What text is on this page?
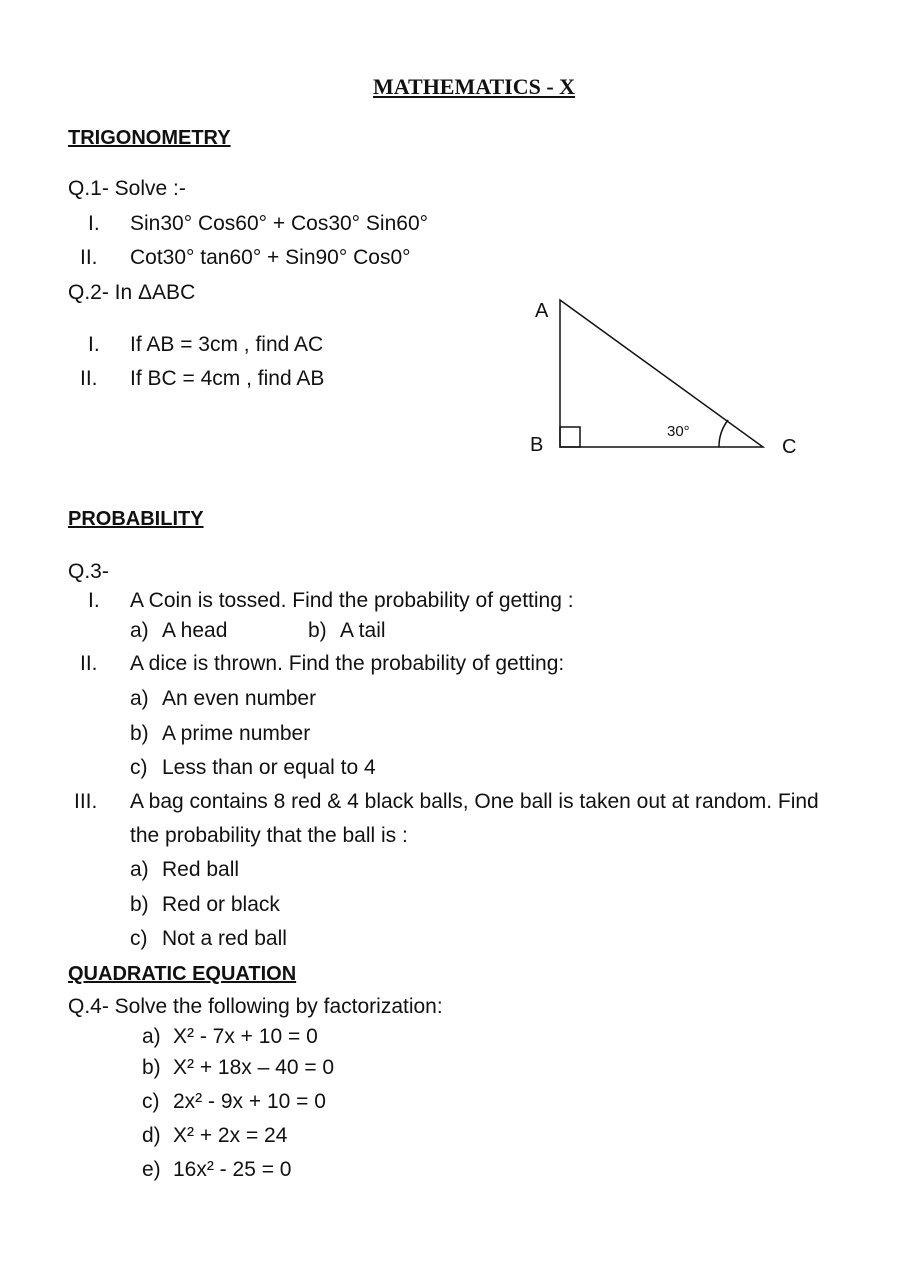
MATHEMATICS - X
TRIGONOMETRY
Q.1- Solve :-
I. Sin30° Cos60° + Cos30° Sin60°
II. Cot30° tan60° + Sin90° Cos0°
Q.2- In ΔABC
I. If AB = 3cm , find AC
II. If BC = 4cm , find AB
A
B	C
30°
PROBABILITY
Q.3-
I. A Coin is tossed. Find the probability of getting :
a) A head	b) A tail
II. A dice is thrown. Find the probability of getting:
a) An even number
b) A prime number
c) Less than or equal to 4
III. A bag contains 8 red & 4 black balls, One ball is taken out at random. Find
the probability that the ball is :
a) Red ball
b) Red or black
c) Not a red ball
QUADRATIC EQUATION
Q.4- Solve the following by factorization:
a) X² - 7x + 10 = 0
b) X² + 18x – 40 = 0
c) 2x² - 9x + 10 = 0
d) X² + 2x = 24
e) 16x² - 25 = 0
